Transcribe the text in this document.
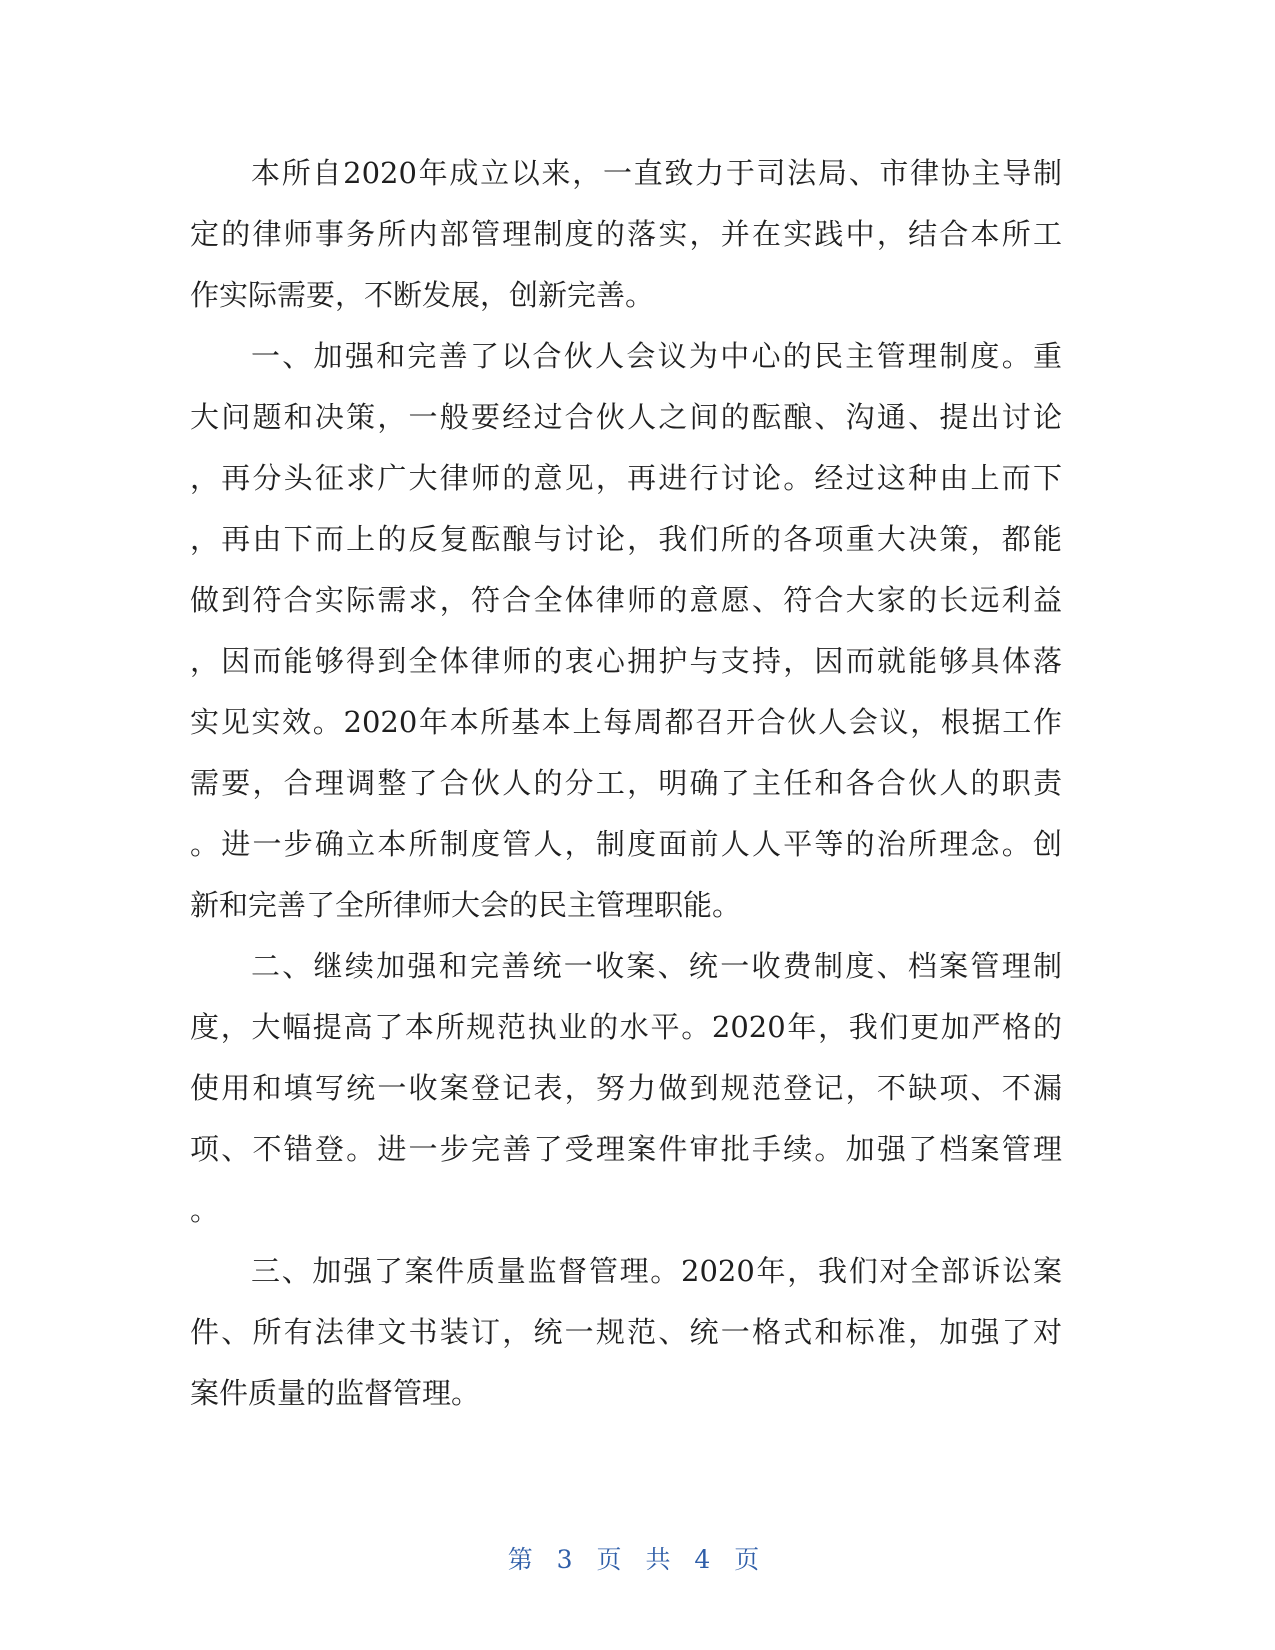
本所自2020年成立以来，一直致力于司法局、市律协主导制
定的律师事务所内部管理制度的落实，并在实践中，结合本所工
作实际需要，不断发展，创新完善。
一、加强和完善了以合伙人会议为中心的民主管理制度。重
大问题和决策，一般要经过合伙人之间的酝酿、沟通、提出讨论
，再分头征求广大律师的意见，再进行讨论。经过这种由上而下
，再由下而上的反复酝酿与讨论，我们所的各项重大决策，都能
做到符合实际需求，符合全体律师的意愿、符合大家的长远利益
，因而能够得到全体律师的衷心拥护与支持，因而就能够具体落
实见实效。2020年本所基本上每周都召开合伙人会议，根据工作
需要，合理调整了合伙人的分工，明确了主任和各合伙人的职责
。进一步确立本所制度管人，制度面前人人平等的治所理念。创
新和完善了全所律师大会的民主管理职能。
二、继续加强和完善统一收案、统一收费制度、档案管理制
度，大幅提高了本所规范执业的水平。2020年，我们更加严格的
使用和填写统一收案登记表，努力做到规范登记，不缺项、不漏
项、不错登。进一步完善了受理案件审批手续。加强了档案管理
。
三、加强了案件质量监督管理。2020年，我们对全部诉讼案
件、所有法律文书装订，统一规范、统一格式和标准，加强了对
案件质量的监督管理。
第 3 页 共 4 页
